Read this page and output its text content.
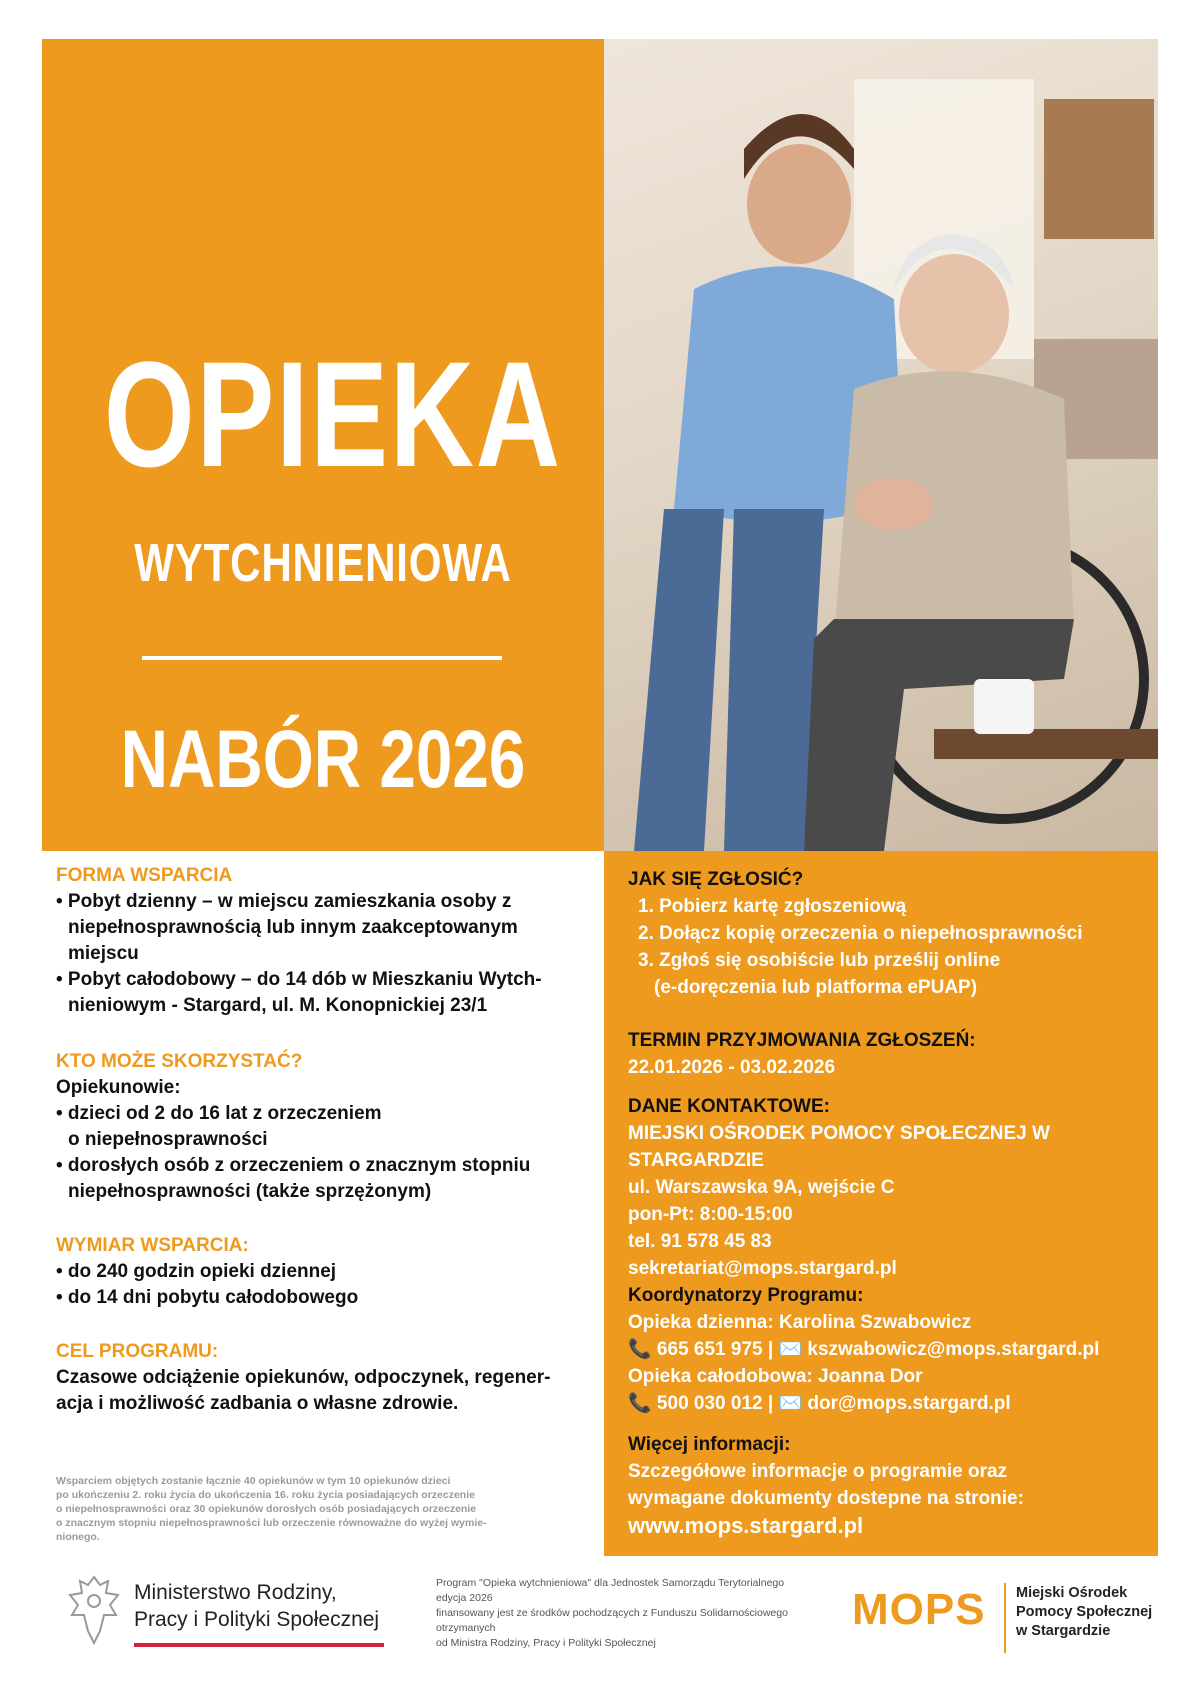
OPIEKA
WYTCHNIENIOWA
NABÓR 2026

FORMA WSPARCIA

• Pobyt dzienny – w miejscu zamieszkania osoby z

niepełnosprawnością lub innym zaakceptowanym

miejscu

• Pobyt całodobowy – do 14 dób w Mieszkaniu Wytch-

nieniowym - Stargard, ul. M. Konopnickiej 23/1

KTO MOŻE SKORZYSTAĆ?

Opiekunowie:

• dzieci od 2 do 16 lat z orzeczeniem

o niepełnosprawności

• dorosłych osób z orzeczeniem o znacznym stopniu

niepełnosprawności (także sprzężonym)

WYMIAR WSPARCIA:

• do 240 godzin opieki dziennej

• do 14 dni pobytu całodobowego

CEL PROGRAMU:

Czasowe odciążenie opiekunów, odpoczynek, regener-

acja i możliwość zadbania o własne zdrowie.

Wsparciem objętych zostanie łącznie 40 opiekunów w tym 10 opiekunów dzieci
po ukończeniu 2. roku życia do ukończenia 16. roku życia posiadających orzeczenie
o niepełnosprawności oraz 30 opiekunów dorosłych osób posiadających orzeczenie
o znacznym stopniu niepełnosprawności lub orzeczenie równoważne do wyżej wymie-
nionego.

JAK SIĘ ZGŁOSIĆ?

1. Pobierz kartę zgłoszeniową

2. Dołącz kopię orzeczenia o niepełnosprawności

3. Zgłoś się osobiście lub prześlij online

(e-doręczenia lub platforma ePUAP)

TERMIN PRZYJMOWANIA ZGŁOSZEŃ:

22.01.2026 - 03.02.2026

DANE KONTAKTOWE:

MIEJSKI OŚRODEK POMOCY SPOŁECZNEJ W STARGARDZIE

ul. Warszawska 9A, wejście C

pon-Pt: 8:00-15:00

tel. 91 578 45 83

sekretariat@mops.stargard.pl

Koordynatorzy Programu:

Opieka dzienna: Karolina Szwabowicz

📞 665 651 975 | ✉️ kszwabowicz@mops.stargard.pl

Opieka całodobowa: Joanna Dor

📞 500 030 012 | ✉️ dor@mops.stargard.pl

Więcej informacji:

Szczegółowe informacje o programie oraz

wymagane dokumenty dostepne na stronie:

www.mops.stargard.pl

Ministerstwo Rodziny,
Pracy i Polityki Społecznej
Program "Opieka wytchnieniowa" dla Jednostek Samorządu Terytorialnego edycja 2026
finansowany jest ze środków pochodzących z Funduszu Solidarnościowego otrzymanych
od Ministra Rodziny, Pracy i Polityki Społecznej
MOPS Miejski Ośrodek
Pomocy Społecznej
w Stargardzie
